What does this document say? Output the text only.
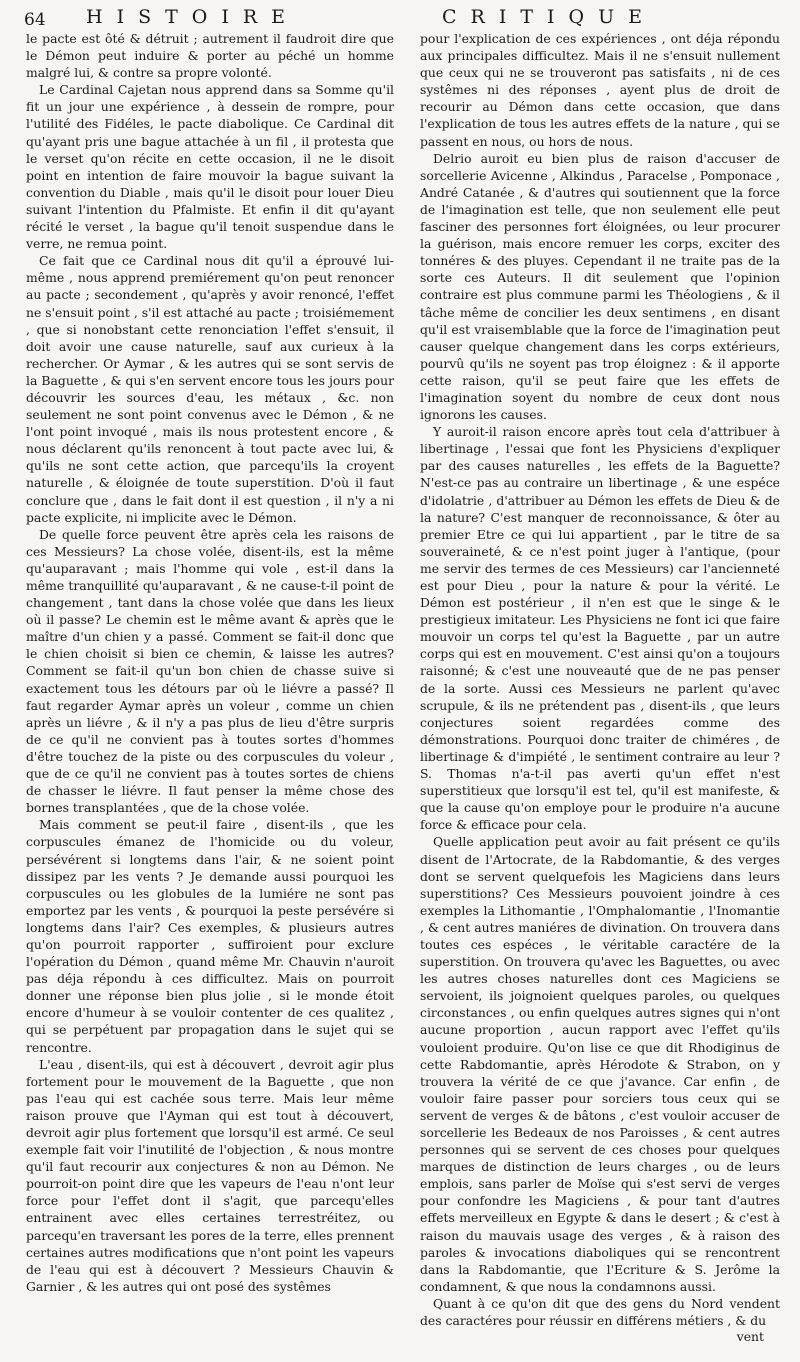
64 HISTOIRE	CRITIQUE

le pacte est ôté & détruit ; autrement il faudroit dire que le Démon peut induire & porter au péché un homme malgré lui, & contre sa propre volonté.

Le Cardinal Cajetan nous apprend dans sa Somme qu'il fit un jour une expérience , à dessein de rompre, pour l'utilité des Fidéles, le pacte diabolique. Ce Cardinal dit qu'ayant pris une bague attachée à un fil , il protesta que le verset qu'on récite en cette occasion, il ne le disoit point en intention de faire mouvoir la bague suivant la convention du Diable , mais qu'il le disoit pour louer Dieu suivant l'intention du Pfalmiste. Et enfin il dit qu'ayant récité le verset , la bague qu'il tenoit suspendue dans le verre, ne remua point.

Ce fait que ce Cardinal nous dit qu'il a éprouvé lui-même , nous apprend premiérement qu'on peut renoncer au pacte ; secondement , qu'après y avoir renoncé, l'effet ne s'ensuit point , s'il est attaché au pacte ; troisiémement , que si nonobstant cette renonciation l'effet s'ensuit, il doit avoir une cause naturelle, sauf aux curieux à la rechercher. Or Aymar , & les autres qui se sont servis de la Baguette , & qui s'en servent encore tous les jours pour découvrir les sources d'eau, les métaux , &c. non seulement ne sont point convenus avec le Démon , & ne l'ont point invoqué , mais ils nous protestent encore , & nous déclarent qu'ils renoncent à tout pacte avec lui, & qu'ils ne sont cette action, que parcequ'ils la croyent naturelle , & éloignée de toute superstition. D'où il faut conclure que , dans le fait dont il est question , il n'y a ni pacte explicite, ni implicite avec le Démon.

De quelle force peuvent être après cela les raisons de ces Messieurs? La chose volée, disent-ils, est la même qu'auparavant ; mais l'homme qui vole , est-il dans la même tranquillité qu'auparavant , & ne cause-t-il point de changement , tant dans la chose volée que dans les lieux où il passe? Le chemin est le même avant & après que le maître d'un chien y a passé. Comment se fait-il donc que le chien choisit si bien ce chemin, & laisse les autres? Comment se fait-il qu'un bon chien de chasse suive si exactement tous les détours par où le liévre a passé? Il faut regarder Aymar après un voleur , comme un chien après un liévre , & il n'y a pas plus de lieu d'être surpris de ce qu'il ne convient pas à toutes sortes d'hommes d'être touchez de la piste ou des corpuscules du voleur , que de ce qu'il ne convient pas à toutes sortes de chiens de chasser le liévre. Il faut penser la même chose des bornes transplantées , que de la chose volée.

Mais comment se peut-il faire , disent-ils , que les corpuscules émanez de l'homicide ou du voleur, persévérent si longtems dans l'air, & ne soient point dissipez par les vents ? Je demande aussi pourquoi les corpuscules ou les globules de la lumiére ne sont pas emportez par les vents , & pourquoi la peste persévére si longtems dans l'air? Ces exemples, & plusieurs autres qu'on pourroit rapporter , suffiroient pour exclure l'opération du Démon , quand même Mr. Chauvin n'auroit pas déja répondu à ces difficultez. Mais on pourroit donner une réponse bien plus jolie , si le monde étoit encore d'humeur à se vouloir contenter de ces qualitez , qui se perpétuent par propagation dans le sujet qui se rencontre.

L'eau , disent-ils, qui est à découvert , devroit agir plus fortement pour le mouvement de la Baguette , que non pas l'eau qui est cachée sous terre. Mais leur même raison prouve que l'Ayman qui est tout à découvert, devroit agir plus fortement que lorsqu'il est armé. Ce seul exemple fait voir l'inutilité de l'objection , & nous montre qu'il faut recourir aux conjectures & non au Démon. Ne pourroit-on point dire que les vapeurs de l'eau n'ont leur force pour l'effet dont il s'agit, que parcequ'elles entrainent avec elles certaines terrestréitez, ou parcequ'en traversant les pores de la terre, elles prennent certaines autres modifications que n'ont point les vapeurs de l'eau qui est à découvert ? Messieurs Chauvin & Garnier , & les autres qui ont posé des systêmes

pour l'explication de ces expériences , ont déja répondu aux principales difficultez. Mais il ne s'ensuit nullement que ceux qui ne se trouveront pas satisfaits , ni de ces systêmes ni des réponses , ayent plus de droit de recourir au Démon dans cette occasion, que dans l'explication de tous les autres effets de la nature , qui se passent en nous, ou hors de nous.

Delrio auroit eu bien plus de raison d'accuser de sorcellerie Avicenne , Alkindus , Paracelse , Pomponace , André Catanée , & d'autres qui soutiennent que la force de l'imagination est telle, que non seulement elle peut fasciner des personnes fort éloignées, ou leur procurer la guérison, mais encore remuer les corps, exciter des tonnéres & des pluyes. Cependant il ne traite pas de la sorte ces Auteurs. Il dit seulement que l'opinion contraire est plus commune parmi les Théologiens , & il tâche même de concilier les deux sentimens , en disant qu'il est vraisemblable que la force de l'imagination peut causer quelque changement dans les corps extérieurs, pourvû qu'ils ne soyent pas trop éloignez : & il apporte cette raison, qu'il se peut faire que les effets de l'imagination soyent du nombre de ceux dont nous ignorons les causes.

Y auroit-il raison encore après tout cela d'attribuer à libertinage , l'essai que font les Physiciens d'expliquer par des causes naturelles , les effets de la Baguette? N'est-ce pas au contraire un libertinage , & une espéce d'idolatrie , d'attribuer au Démon les effets de Dieu & de la nature? C'est manquer de reconnoissance, & ôter au premier Etre ce qui lui appartient , par le titre de sa souveraineté, & ce n'est point juger à l'antique, (pour me servir des termes de ces Messieurs) car l'ancienneté est pour Dieu , pour la nature & pour la vérité. Le Démon est postérieur , il n'en est que le singe & le prestigieux imitateur. Les Physiciens ne font ici que faire mouvoir un corps tel qu'est la Baguette , par un autre corps qui est en mouvement. C'est ainsi qu'on a toujours raisonné; & c'est une nouveauté que de ne pas penser de la sorte. Aussi ces Messieurs ne parlent qu'avec scrupule, & ils ne prétendent pas , disent-ils , que leurs conjectures soient regardées comme des démonstrations. Pourquoi donc traiter de chiméres , de libertinage & d'impiété , le sentiment contraire au leur ? S. Thomas n'a-t-il pas averti qu'un effet n'est superstitieux que lorsqu'il est tel, qu'il est manifeste, & que la cause qu'on employe pour le produire n'a aucune force & efficace pour cela.

Quelle application peut avoir au fait présent ce qu'ils disent de l'Artocrate, de la Rabdomantie, & des verges dont se servent quelquefois les Magiciens dans leurs superstitions? Ces Messieurs pouvoient joindre à ces exemples la Lithomantie , l'Omphalomantie , l'Inomantie , & cent autres maniéres de divination. On trouvera dans toutes ces espéces , le véritable caractére de la superstition. On trouvera qu'avec les Baguettes, ou avec les autres choses naturelles dont ces Magiciens se servoient, ils joignoient quelques paroles, ou quelques circonstances , ou enfin quelques autres signes qui n'ont aucune proportion , aucun rapport avec l'effet qu'ils vouloient produire. Qu'on lise ce que dit Rhodiginus de cette Rabdomantie, après Hérodote & Strabon, on y trouvera la vérité de ce que j'avance. Car enfin , de vouloir faire passer pour sorciers tous ceux qui se servent de verges & de bâtons , c'est vouloir accuser de sorcellerie les Bedeaux de nos Paroisses , & cent autres personnes qui se servent de ces choses pour quelques marques de distinction de leurs charges , ou de leurs emplois, sans parler de Moïse qui s'est servi de verges pour confondre les Magiciens , & pour tant d'autres effets merveilleux en Egypte & dans le desert ; & c'est à raison du mauvais usage des verges , & à raison des paroles & invocations diaboliques qui se rencontrent dans la Rabdomantie, que l'Ecriture & S. Jerôme la condamnent, & que nous la condamnons aussi.

Quant à ce qu'on dit que des gens du Nord vendent des caractéres pour réussir en différens métiers , & du

vent
